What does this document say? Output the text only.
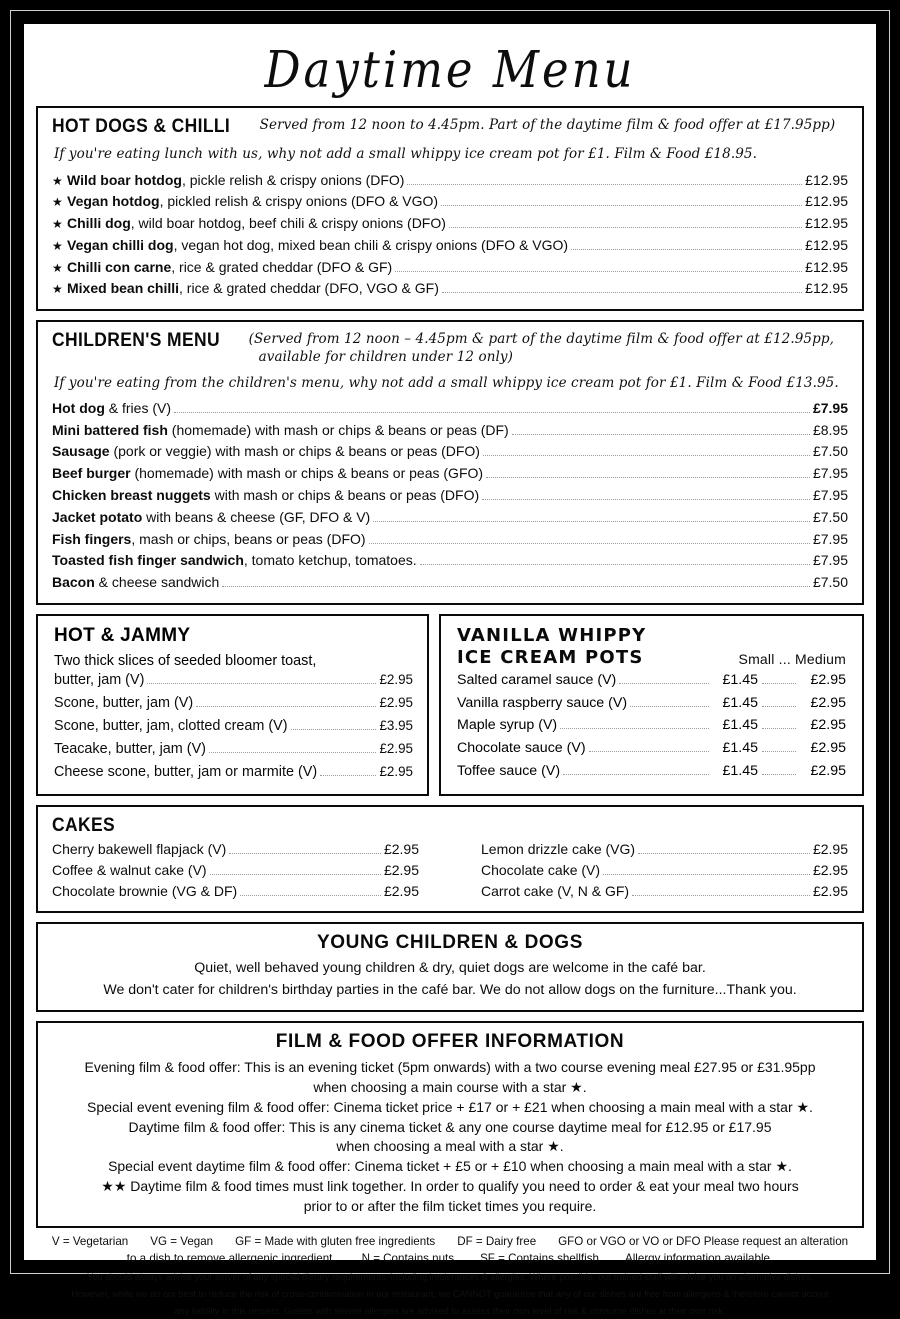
Daytime Menu
HOT DOGS & CHILLI Served from 12 noon to 4.45pm. Part of the daytime film & food offer at £17.95pp)
If you're eating lunch with us, why not add a small whippy ice cream pot for £1. Film & Food £18.95.
★ Wild boar hotdog, pickle relish & crispy onions (DFO)	£12.95
★ Vegan hotdog, pickled relish & crispy onions (DFO & VGO)	£12.95
★ Chilli dog, wild boar hotdog, beef chili & crispy onions (DFO)	£12.95
★ Vegan chilli dog, vegan hot dog, mixed bean chili & crispy onions (DFO & VGO)	£12.95
★ Chilli con carne, rice & grated cheddar (DFO & GF)	£12.95
★ Mixed bean chilli, rice & grated cheddar (DFO, VGO & GF)	£12.95
CHILDREN'S MENU (Served from 12 noon – 4.45pm & part of the daytime film & food offer at £12.95pp,
available for children under 12 only)
If you're eating from the children's menu, why not add a small whippy ice cream pot for £1. Film & Food £13.95.
Hot dog & fries (V)	£7.95
Mini battered fish (homemade) with mash or chips & beans or peas (DF)	£8.95
Sausage (pork or veggie) with mash or chips & beans or peas (DFO)	£7.50
Beef burger (homemade) with mash or chips & beans or peas (GFO)	£7.95
Chicken breast nuggets with mash or chips & beans or peas (DFO)	£7.95
Jacket potato with beans & cheese (GF, DFO & V)	£7.50
Fish fingers, mash or chips, beans or peas (DFO)	£7.95
Toasted fish finger sandwich, tomato ketchup, tomatoes.	£7.95
Bacon & cheese sandwich	£7.50
HOT & JAMMY
Two thick slices of seeded bloomer toast,
butter, jam (V)	£2.95
Scone, butter, jam (V)	£2.95
Scone, butter, jam, clotted cream (V)	£3.95
Teacake, butter, jam (V)	£2.95
Cheese scone, butter, jam or marmite (V)	£2.95
VANILLA WHIPPY
ICE CREAM POTS	Small ... Medium
Salted caramel sauce (V)	£1.45	£2.95
Vanilla raspberry sauce (V)	£1.45	£2.95
Maple syrup (V)	£1.45	£2.95
Chocolate sauce (V)	£1.45	£2.95
Toffee sauce (V)	£1.45	£2.95
CAKES
Cherry bakewell flapjack (V)	£2.95
Coffee & walnut cake (V)	£2.95
Chocolate brownie (VG & DF)	£2.95
Lemon drizzle cake (VG)	£2.95
Chocolate cake (V)	£2.95
Carrot cake (V, N & GF)	£2.95
YOUNG CHILDREN & DOGS
Quiet, well behaved young children & dry, quiet dogs are welcome in the café bar.
We don't cater for children's birthday parties in the café bar. We do not allow dogs on the furniture...Thank you.
FILM & FOOD OFFER INFORMATION
Evening film & food offer: This is an evening ticket (5pm onwards) with a two course evening meal £27.95 or £31.95pp
when choosing a main course with a star ★.
Special event evening film & food offer: Cinema ticket price + £17 or + £21 when choosing a main meal with a star ★.
Daytime film & food offer: This is any cinema ticket & any one course daytime meal for £12.95 or £17.95
when choosing a meal with a star ★.
Special event daytime film & food offer: Cinema ticket + £5 or + £10 when choosing a main meal with a star ★.
★★ Daytime film & food times must link together. In order to qualify you need to order & eat your meal two hours
prior to or after the film ticket times you require.
V = Vegetarian VG = Vegan GF = Made with gluten free ingredients DF = Dairy free GFO or VGO or VO or DFO Please request an alteration
to a dish to remove allergenic ingredient. N = Contains nuts SF = Contains shellfish Allergy information available.
You should always advise your server of any special dietary requirements, including intolerances & allergies. Where possible, our trained staff will advise you on alternative dishes.
However, while we do our best to reduce the risk of cross-contamination in our restaurant, we CANNOT guarantee that any of our dishes are free from allergens & therefore cannot accept
any liability in this respect. Guests with severe allergies are advised to assess their own level of risk & consume dishes at their own risk.
